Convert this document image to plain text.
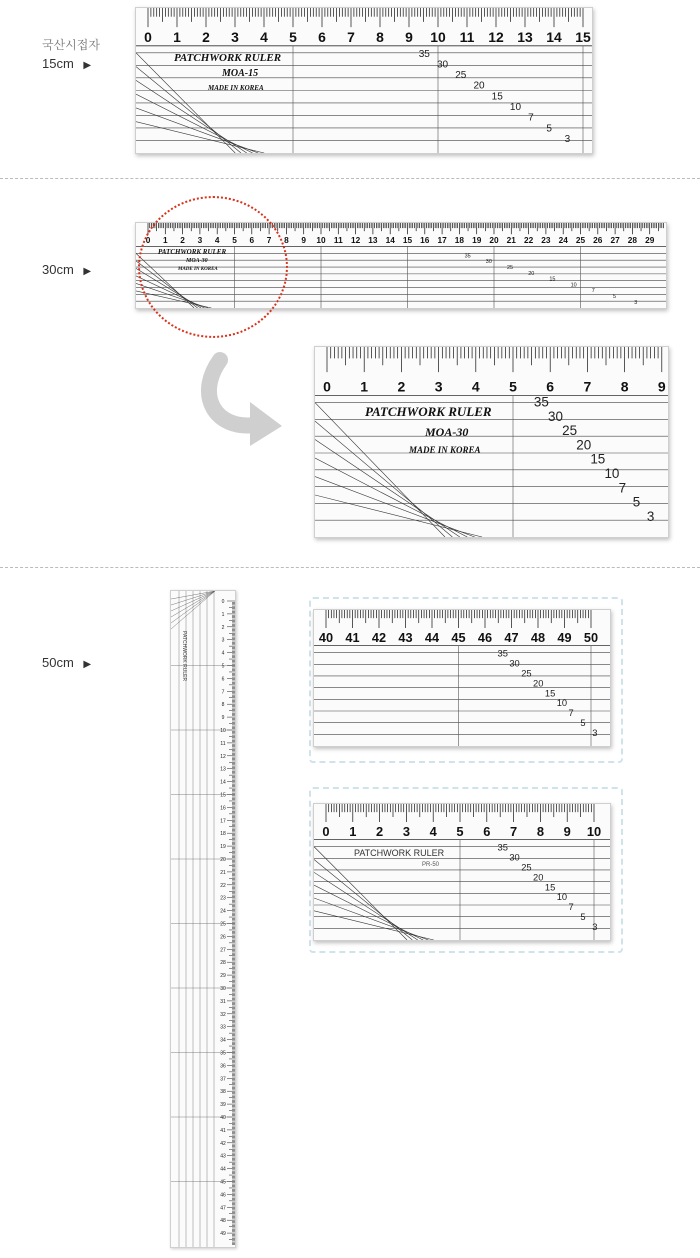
국산시접자
15cm ▶
0 1 2 3 4 5 6 7 8 9 10 11 12 13 14 15
35
30
25
20
15
10
7
5
3
PATCHWORK RULER
MOA-15
MADE IN KOREA
30cm ▶
0 1 2 3 4 5 6 7 8 9 10 11 12 13 14 15 16 17 18 19 20 21 22 23 24 25 26 27 28 29
35
30
25
20
15
10
7
5
3
PATCHWORK RULER
MOA-30
MADE IN KOREA
0 1 2 3 4 5 6 7 8 9
35
30
25
20
15
10
7
5
3
PATCHWORK RULER
MOA-30
MADE IN KOREA
50cm ▶
0
1
2
3
4
5
6
7
8
9
10
11
12
13
14
15
16
17
18
19
20
21
22
23
24
25
26
27
28
29
30
31
32
33
34
35
36
37
38
39
40
41
42
43
44
45
46
47
48
49
PATCHWORK RULER	40 41 42 43 44 45 46 47 48 49 50
35
30
25
20
15
10
7
5
3
0 1 2 3 4 5 6 7 8 9 10
35
30
25
20
15
10
7
5
3
PATCHWORK RULER
PR-50
